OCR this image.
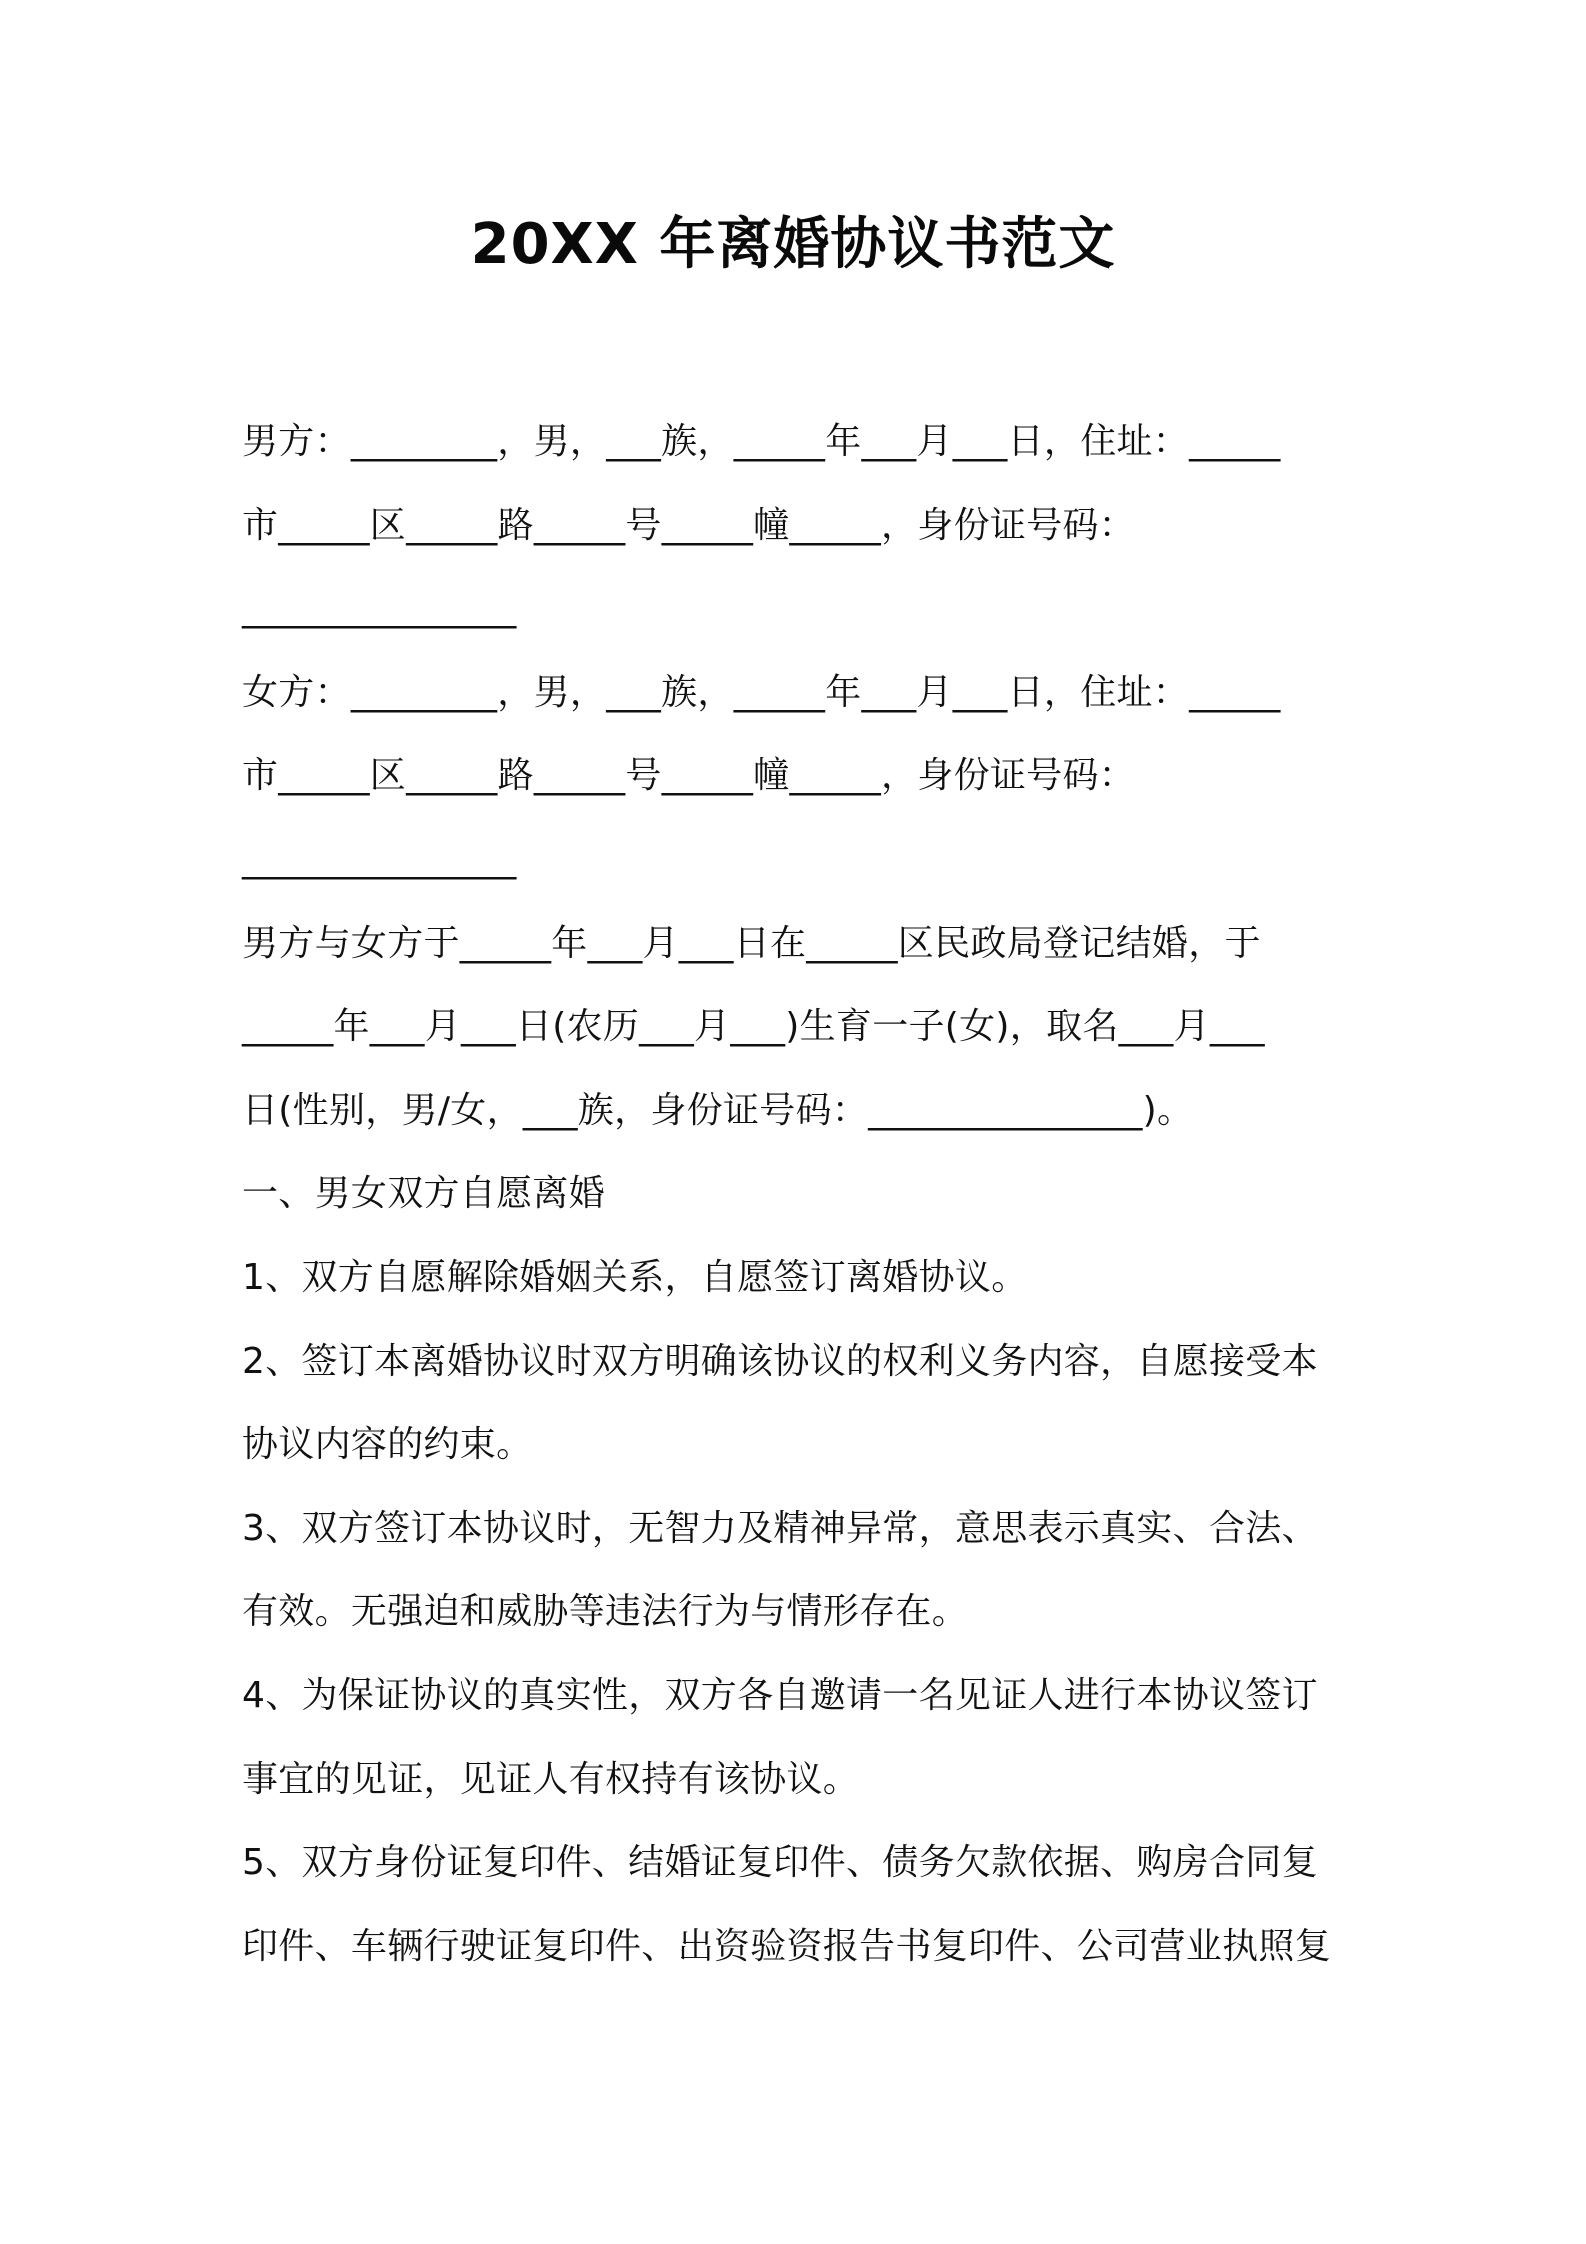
20XX 年离婚协议书范文
男方：________，男，___族，_____年___月___日，住址：_____
市_____区_____路_____号_____幢_____，身份证号码：
_______________
女方：________，男，___族，_____年___月___日，住址：_____
市_____区_____路_____号_____幢_____，身份证号码：
_______________
男方与女方于_____年___月___日在_____区民政局登记结婚，于
_____年___月___日(农历___月___)生育一子(女)，取名___月___
日(性别，男/女，___族，身份证号码：_______________)。
一、男女双方自愿离婚
1、双方自愿解除婚姻关系，自愿签订离婚协议。
2、签订本离婚协议时双方明确该协议的权利义务内容，自愿接受本
协议内容的约束。
3、双方签订本协议时，无智力及精神异常，意思表示真实、合法、
有效。无强迫和威胁等违法行为与情形存在。
4、为保证协议的真实性，双方各自邀请一名见证人进行本协议签订
事宜的见证，见证人有权持有该协议。
5、双方身份证复印件、结婚证复印件、债务欠款依据、购房合同复
印件、车辆行驶证复印件、出资验资报告书复印件、公司营业执照复
